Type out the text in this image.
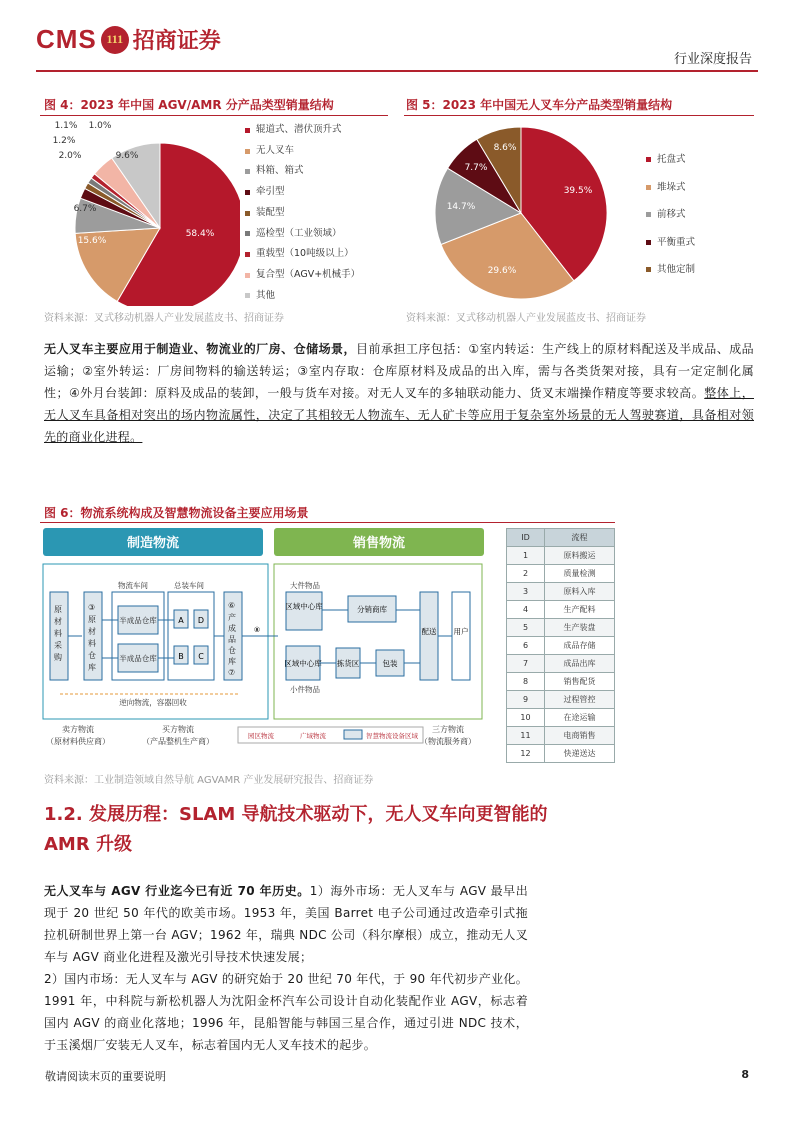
CMS 111 招商证券
行业深度报告
图 4：2023 年中国 AGV/AMR 分产品类型销量结构
58.4%
15.6%
6.7%
2.0%
1.2%
1.1% 1.0%
9.6%
辊道式、潜伏顶升式
无人叉车
料箱、箱式
牵引型
装配型
巡检型（工业领域）
重载型（10吨级以上）
复合型（AGV+机械手）
其他
资料来源：叉式移动机器人产业发展蓝皮书、招商证券
图 5：2023 年中国无人叉车分产品类型销量结构
39.5%
29.6%
14.7%
7.7%
8.6%
托盘式
堆垛式
前移式
平衡重式
其他定制
资料来源：叉式移动机器人产业发展蓝皮书、招商证券
无人叉车主要应用于制造业、物流业的厂房、仓储场景，目前承担工序包括：①室内转运：生产线上的原材料配送及半成品、成品运输；②室外转运：厂房间物料的输送转运；③室内存取：仓库原材料及成品的出入库，需与各类货架对接，具有一定定制化属性；④外月台装卸：原料及成品的装卸，一般与货车对接。对无人叉车的多轴联动能力、货叉末端操作精度等要求较高。整体上，无人叉车具备相对突出的场内物流属性，决定了其相较无人物流车、无人矿卡等应用于复杂室外场景的无人驾驶赛道，具备相对领先的商业化进程。
图 6：物流系统构成及智慧物流设备主要应用场景
制造物流	销售物流
原材料采购
③ 原材料仓库
物流车间	总装车间
半成品仓库
半成品仓库
A D
B C
⑥ 产成品仓库 ⑦
⑧
逆向物流，容器回收
大件物品
区域中心库	分销商库
区域中心库 拣货区	包装
小件物品
配送 用户
园区物流	广域物流	智慧物流设备区域
卖方物流
（原材料供应商）
买方物流
（产品整机生产商）
三方物流
（物流服务商）
ID	流程
1	原料搬运
2	质量检测
3	原料入库
4	生产配料
5	生产装盘
6	成品存储
7	成品出库
8	销售配货
9	过程管控
10	在途运输
11	电商销售
12	快递送达
资料来源：工业制造领域自然导航 AGVAMR 产业发展研究报告、招商证券
1.2. 发展历程：SLAM 导航技术驱动下，无人叉车向更智能的 AMR 升级
无人叉车与 AGV 行业迄今已有近 70 年历史。1）海外市场：无人叉车与 AGV 最早出现于 20 世纪 50 年代的欧美市场。1953 年，美国 Barret 电子公司通过改造牵引式拖拉机研制世界上第一台 AGV；1962 年，瑞典 NDC 公司（科尔摩根）成立，推动无人叉车与 AGV 商业化进程及激光引导技术快速发展；
2）国内市场：无人叉车与 AGV 的研究始于 20 世纪 70 年代，于 90 年代初步产业化。1991 年，中科院与新松机器人为沈阳金杯汽车公司设计自动化装配作业 AGV，标志着国内 AGV 的商业化落地；1996 年，昆船智能与韩国三星合作，通过引进 NDC 技术，于玉溪烟厂安装无人叉车，标志着国内无人叉车技术的起步。
敬请阅读末页的重要说明	8
